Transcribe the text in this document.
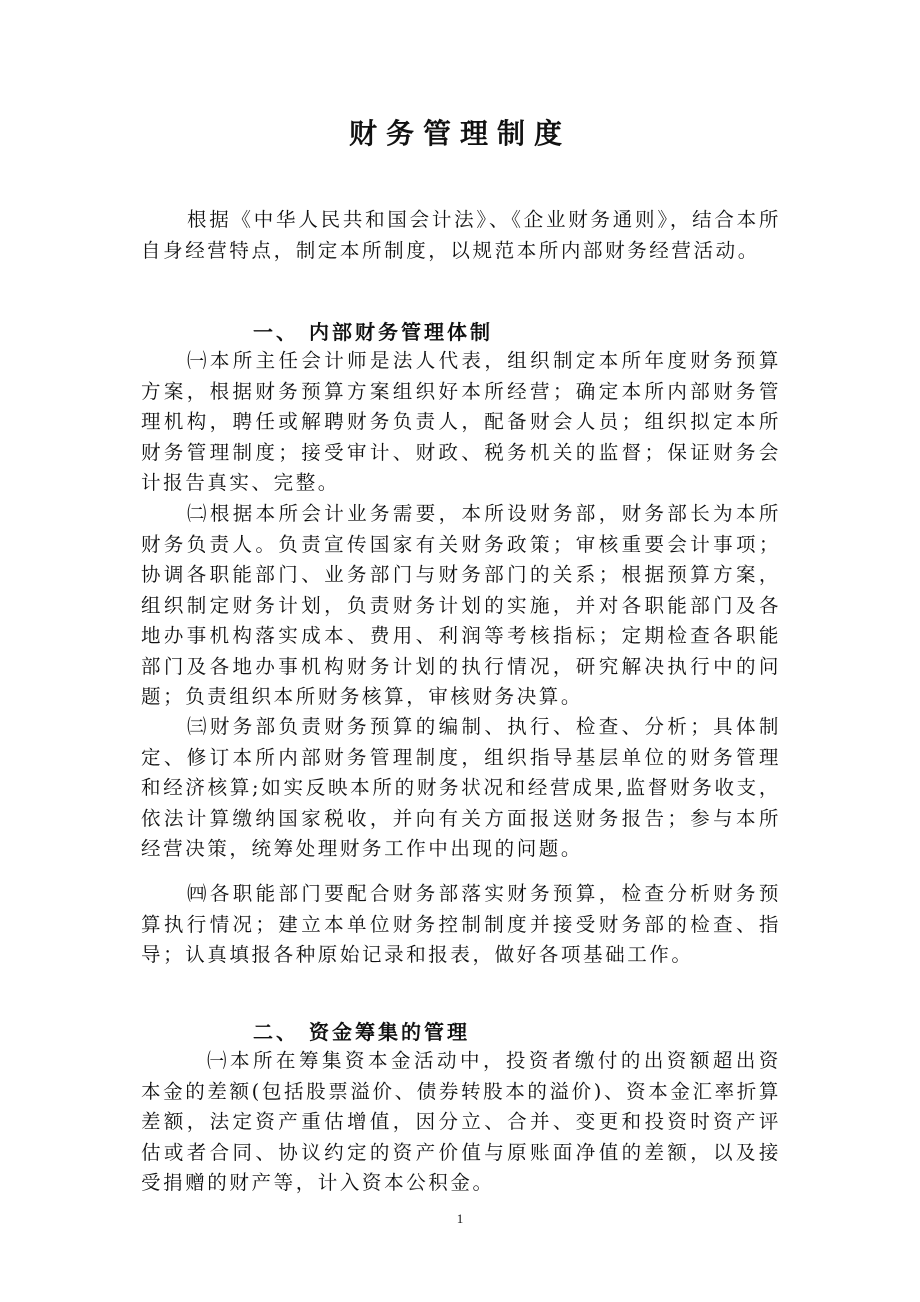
财务管理制度

根据《中华人民共和国会计法》、《企业财务通则》，结合本所自身经营特点，制定本所制度，以规范本所内部财务经营活动。

一、 内部财务管理体制

㈠本所主任会计师是法人代表，组织制定本所年度财务预算方案，根据财务预算方案组织好本所经营；确定本所内部财务管理机构，聘任或解聘财务负责人，配备财会人员；组织拟定本所财务管理制度；接受审计、财政、税务机关的监督；保证财务会计报告真实、完整。

㈡根据本所会计业务需要，本所设财务部，财务部长为本所财务负责人。负责宣传国家有关财务政策；审核重要会计事项；协调各职能部门、业务部门与财务部门的关系；根据预算方案，组织制定财务计划，负责财务计划的实施，并对各职能部门及各地办事机构落实成本、费用、利润等考核指标；定期检查各职能部门及各地办事机构财务计划的执行情况，研究解决执行中的问题；负责组织本所财务核算，审核财务决算。

㈢财务部负责财务预算的编制、执行、检查、分析；具体制定、修订本所内部财务管理制度，组织指导基层单位的财务管理和经济核算;如实反映本所的财务状况和经营成果,监督财务收支，依法计算缴纳国家税收，并向有关方面报送财务报告；参与本所经营决策，统筹处理财务工作中出现的问题。

㈣各职能部门要配合财务部落实财务预算，检查分析财务预算执行情况；建立本单位财务控制制度并接受财务部的检查、指导；认真填报各种原始记录和报表，做好各项基础工作。

二、 资金筹集的管理

㈠本所在筹集资本金活动中，投资者缴付的出资额超出资本金的差额(包括股票溢价、债券转股本的溢价)、资本金汇率折算差额，法定资产重估增值，因分立、合并、变更和投资时资产评估或者合同、协议约定的资产价值与原账面净值的差额，以及接受捐赠的财产等，计入资本公积金。

1
